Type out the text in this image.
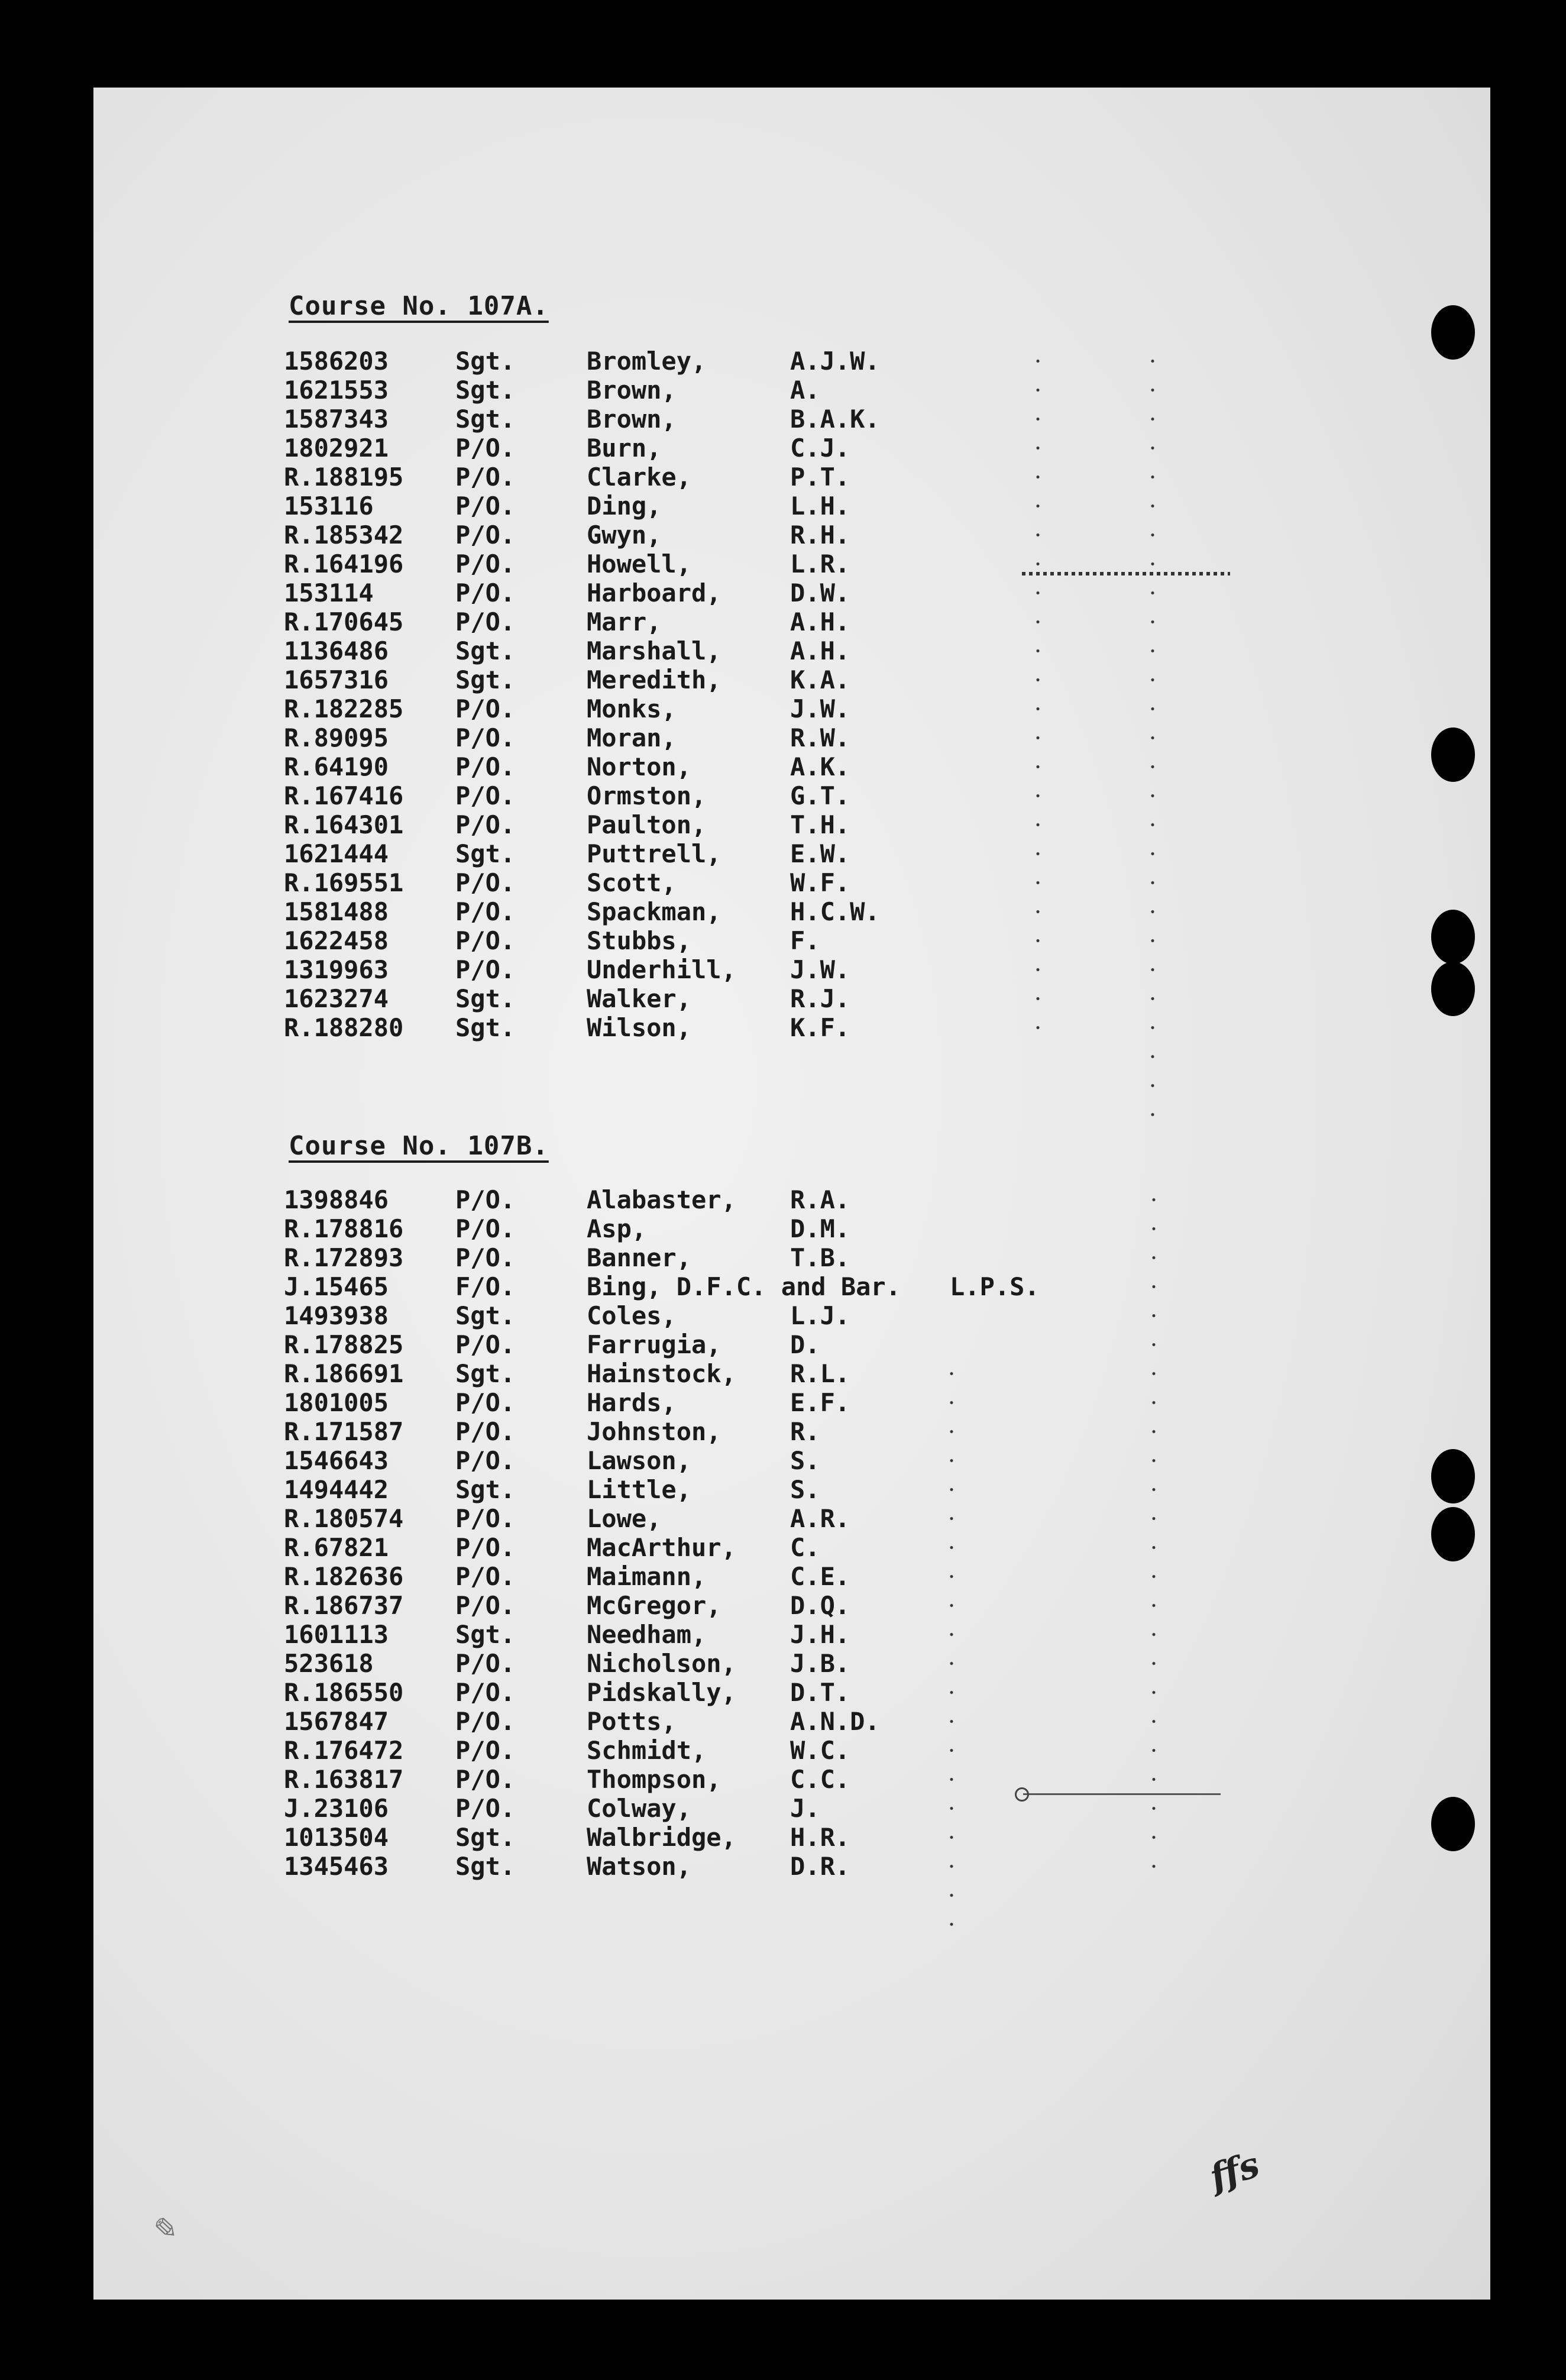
Course No. 107A.
1586203	Sgt.	Bromley,	A.J.W.
1621553	Sgt.	Brown,	A.
1587343	Sgt.	Brown,	B.A.K.
1802921	P/O.	Burn,	C.J.
R.188195 P/O.	Clarke,	P.T.
153116	P/O.	Ding,	L.H.
R.185342 P/O.	Gwyn,	R.H.
R.164196 P/O.	Howell,	L.R.
153114	P/O.	Harboard,	D.W.
R.170645 P/O.	Marr,	A.H.
1136486	Sgt.	Marshall,	A.H.
1657316	Sgt.	Meredith,	K.A.
R.182285 P/O.	Monks,	J.W.
R.89095	P/O.	Moran,	R.W.
R.64190	P/O.	Norton,	A.K.
R.167416 P/O.	Ormston,	G.T.
R.164301 P/O.	Paulton,	T.H.
1621444	Sgt.	Puttrell,	E.W.
R.169551 P/O.	Scott,	W.F.
1581488	P/O.	Spackman,	H.C.W.
1622458	P/O.	Stubbs,	F.
1319963	P/O.	Underhill, J.W.
1623274	Sgt.	Walker,	R.J.
R.188280 Sgt.	Wilson,	K.F.
Course No. 107B.
1398846	P/O.	Alabaster, R.A.
R.178816 P/O.	Asp,	D.M.
R.172893 P/O.	Banner,	T.B.
J.15465	F/O.	Bing, D.F.C. and Bar. L.P.S.
1493938	Sgt.	Coles,	L.J.
R.178825 P/O.	Farrugia,	D.
R.186691 Sgt.	Hainstock, R.L.
1801005	P/O.	Hards,	E.F.
R.171587 P/O.	Johnston,	R.
1546643	P/O.	Lawson,	S.
1494442	Sgt.	Little,	S.
R.180574 P/O.	Lowe,	A.R.
R.67821	P/O.	MacArthur, C.
R.182636 P/O.	Maimann,	C.E.
R.186737 P/O.	McGregor,	D.Q.
1601113	Sgt.	Needham,	J.H.
523618	P/O.	Nicholson, J.B.
R.186550 P/O.	Pidskally, D.T.
1567847	P/O.	Potts,	A.N.D.
R.176472 P/O.	Schmidt,	W.C.
R.163817 P/O.	Thompson,	C.C.
J.23106	P/O.	Colway,	J.
1013504	Sgt.	Walbridge, H.R.
1345463	Sgt.	Watson,	D.R.
ffs
✎
